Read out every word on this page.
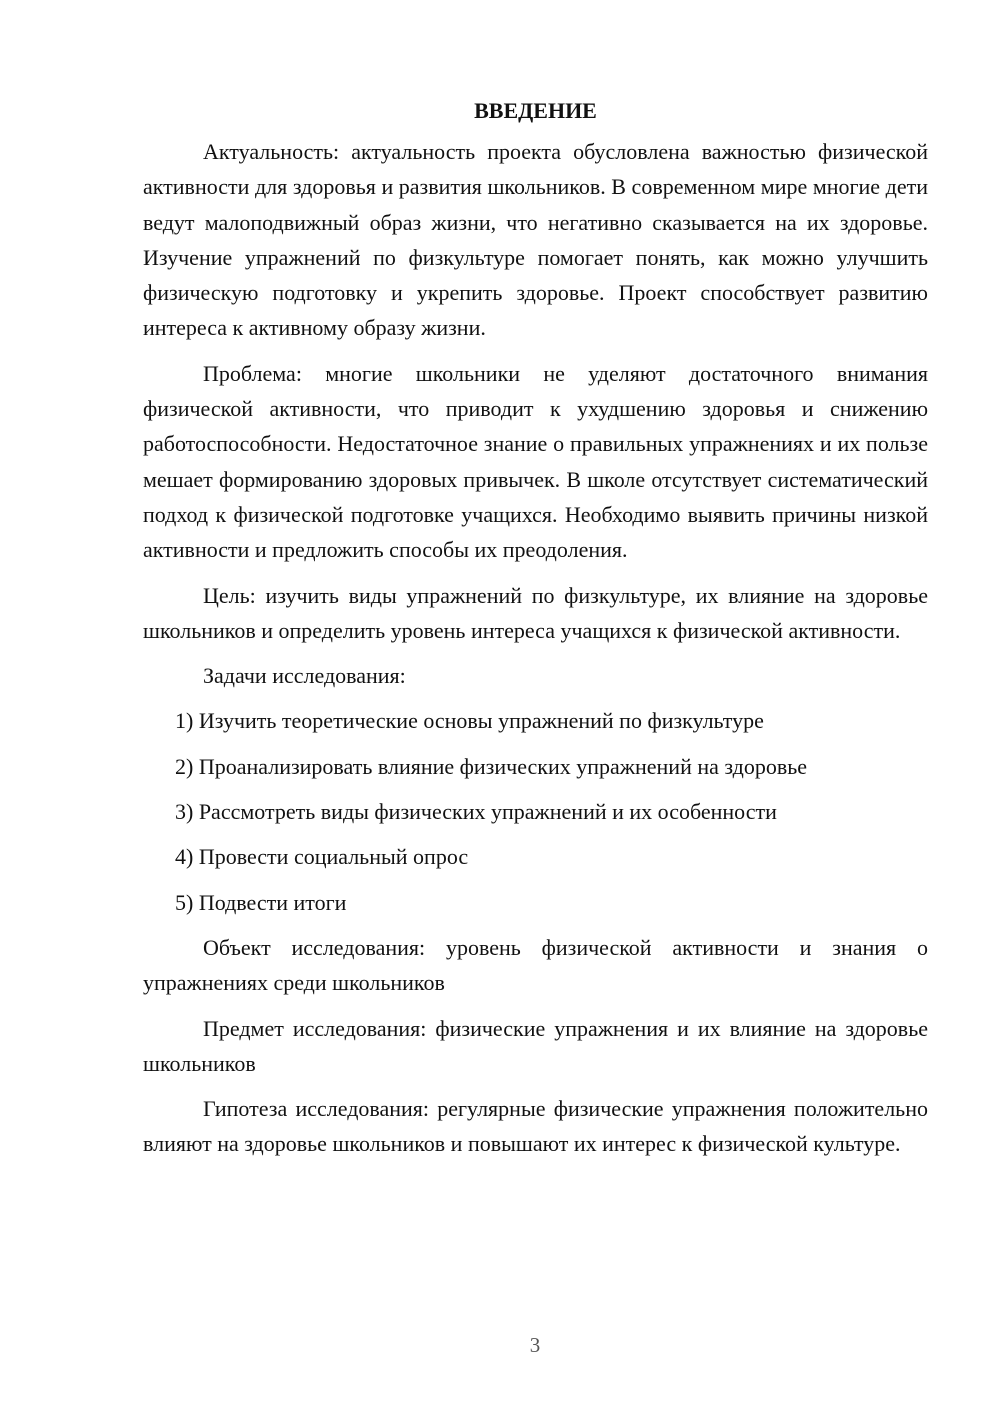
ВВЕДЕНИЕ

Актуальность: актуальность проекта обусловлена важностью физической активности для здоровья и развития школьников. В современном мире многие дети ведут малоподвижный образ жизни, что негативно сказывается на их здоровье. Изучение упражнений по физкультуре помогает понять, как можно улучшить физическую подготовку и укрепить здоровье. Проект способствует развитию интереса к активному образу жизни.

Проблема: многие школьники не уделяют достаточного внимания физической активности, что приводит к ухудшению здоровья и снижению работоспособности. Недостаточное знание о правильных упражнениях и их пользе мешает формированию здоровых привычек. В школе отсутствует систематический подход к физической подготовке учащихся. Необходимо выявить причины низкой активности и предложить способы их преодоления.

Цель: изучить виды упражнений по физкультуре, их влияние на здоровье школьников и определить уровень интереса учащихся к физической активности.

Задачи исследования:

1) Изучить теоретические основы упражнений по физкультуре
2) Проанализировать влияние физических упражнений на здоровье
3) Рассмотреть виды физических упражнений и их особенности
4) Провести социальный опрос
5) Подвести итоги

Объект исследования: уровень физической активности и знания о упражнениях среди школьников

Предмет исследования: физические упражнения и их влияние на здоровье школьников

Гипотеза исследования: регулярные физические упражнения положительно влияют на здоровье школьников и повышают их интерес к физической культуре.

3
